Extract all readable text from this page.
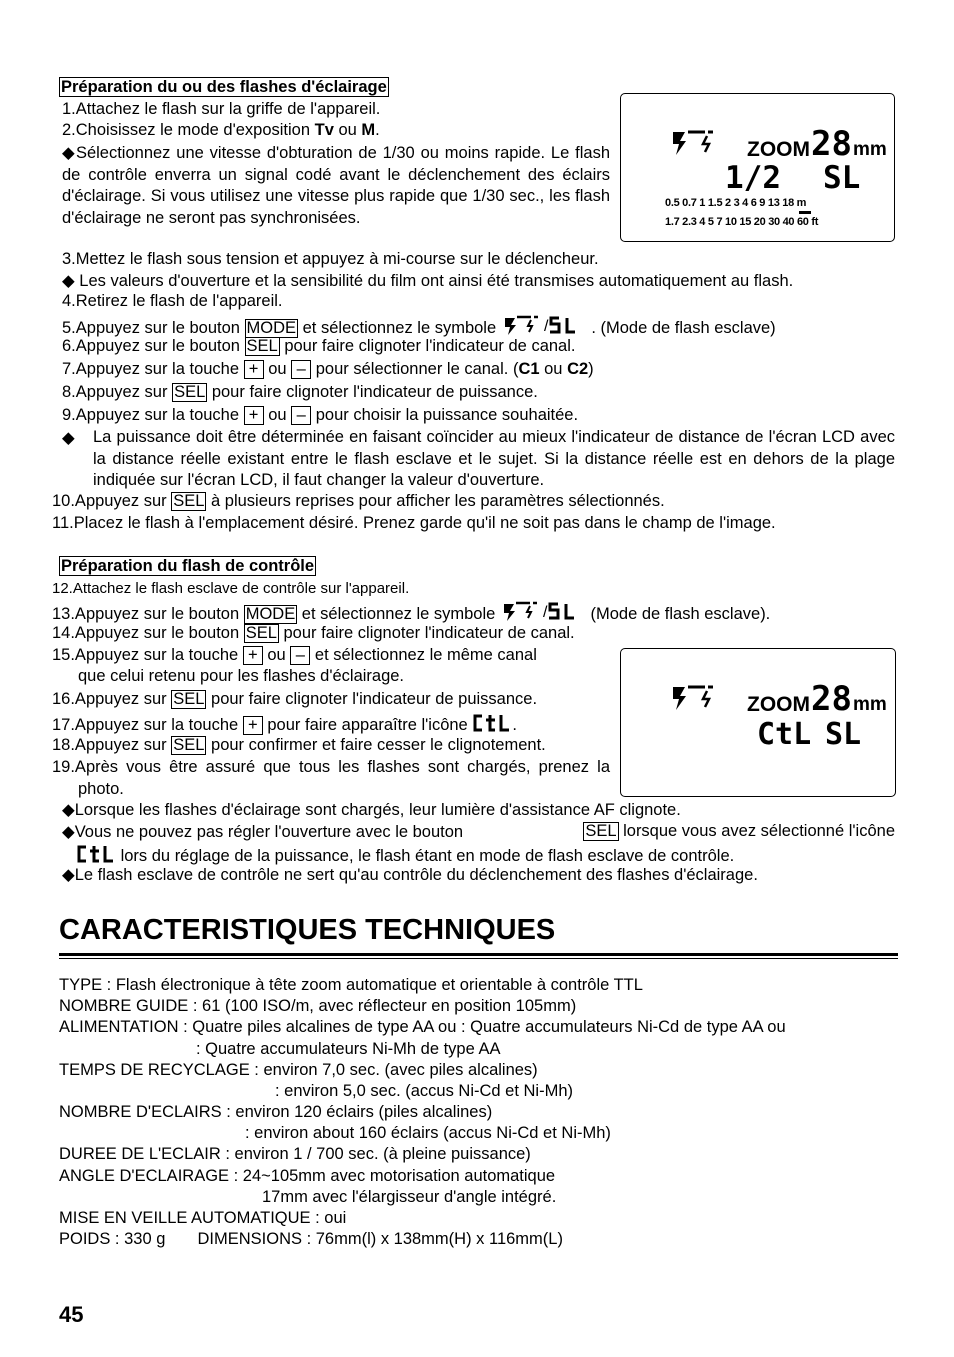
Préparation du ou des flashes d'éclairage
1.Attachez le flash sur la griffe de l'appareil.
2.Choisissez le mode d'exposition Tv ou M.
◆Sélectionnez une vitesse d'obturation de 1/30 ou moins rapide. Le flash de contrôle enverra un signal codé avant le déclenchement des éclairs d'éclairage. Si vous utilisez une vitesse plus rapide que 1/30 sec., les flash d'éclairage ne seront pas synchronisées.
3.Mettez le flash sous tension et appuyez à mi-course sur le déclencheur.
◆ Les valeurs d'ouverture et la sensibilité du film ont ainsi été transmises automatiquement au flash.
4.Retirez le flash de l'appareil.
5.Appuyez sur le bouton MODE et sélectionnez le symbole	/	. (Mode de flash esclave)
6.Appuyez sur le bouton SEL pour faire clignoter l'indicateur de canal.
7.Appuyez sur la touche + ou – pour sélectionner le canal. (C1 ou C2)
8.Appuyez sur SEL pour faire clignoter l'indicateur de puissance.
9.Appuyez sur la touche + ou – pour choisir la puissance souhaitée.
◆ La puissance doit être déterminée en faisant coïncider au mieux l'indicateur de distance de l'écran LCD avec la distance réelle existant entre le flash esclave et le sujet. Si la distance réelle est en dehors de la plage indiquée sur l'écran LCD, il faut changer la valeur d'ouverture.
10.Appuyez sur SEL à plusieurs reprises pour afficher les paramètres sélectionnés.
11.Placez le flash à l'emplacement désiré. Prenez garde qu'il ne soit pas dans le champ de l'image.
ZOOM 28 mm
1/2 SL
0.5 0.7 1 1.5 2 3 4 6 9 13 18 m
1.7 2.3 4 5 7 10 15 20 30 40 60 ft
Préparation du flash de contrôle
12.Attachez le flash esclave de contrôle sur l'appareil.
13.Appuyez sur le bouton MODE et sélectionnez le symbole	/	(Mode de flash esclave).
14.Appuyez sur le bouton SEL pour faire clignoter l'indicateur de canal.
15.Appuyez sur la touche + ou – et sélectionnez le même canal
que celui retenu pour les flashes d'éclairage.
16.Appuyez sur SEL pour faire clignoter l'indicateur de puissance.
17.Appuyez sur la touche + pour faire apparaître l'icône .
18.Appuyez sur SEL pour confirmer et faire cesser le clignotement.
19.Après vous être assuré que tous les flashes sont chargés, prenez la photo.
◆Lorsque les flashes d'éclairage sont chargés, leur lumière d'assistance AF clignote.
◆Vous ne pouvez pas régler l'ouverture avec le bouton	SEL lorsque vous avez sélectionné l'icône
lors du réglage de la puissance, le flash étant en mode de flash esclave de contrôle.
◆Le flash esclave de contrôle ne sert qu'au contrôle du déclenchement des flashes d'éclairage.
ZOOM 28 mm
CtL SL
CARACTERISTIQUES TECHNIQUES
TYPE : Flash électronique à tête zoom automatique et orientable à contrôle TTL
NOMBRE GUIDE : 61 (100 ISO/m, avec réflecteur en position 105mm)
ALIMENTATION : Quatre piles alcalines de type AA ou : Quatre accumulateurs Ni-Cd de type AA ou
: Quatre accumulateurs Ni-Mh de type AA
TEMPS DE RECYCLAGE : environ 7,0 sec. (avec piles alcalines)
: environ 5,0 sec. (accus Ni-Cd et Ni-Mh)
NOMBRE D'ECLAIRS : environ 120 éclairs (piles alcalines)
: environ about 160 éclairs (accus Ni-Cd et Ni-Mh)
DUREE DE L'ECLAIR : environ 1 / 700 sec. (à pleine puissance)
ANGLE D'ECLAIRAGE : 24~105mm avec motorisation automatique
17mm avec l'élargisseur d'angle intégré.
MISE EN VEILLE AUTOMATIQUE : oui
POIDS : 330 g       DIMENSIONS : 76mm(l) x 138mm(H) x 116mm(L)
45
